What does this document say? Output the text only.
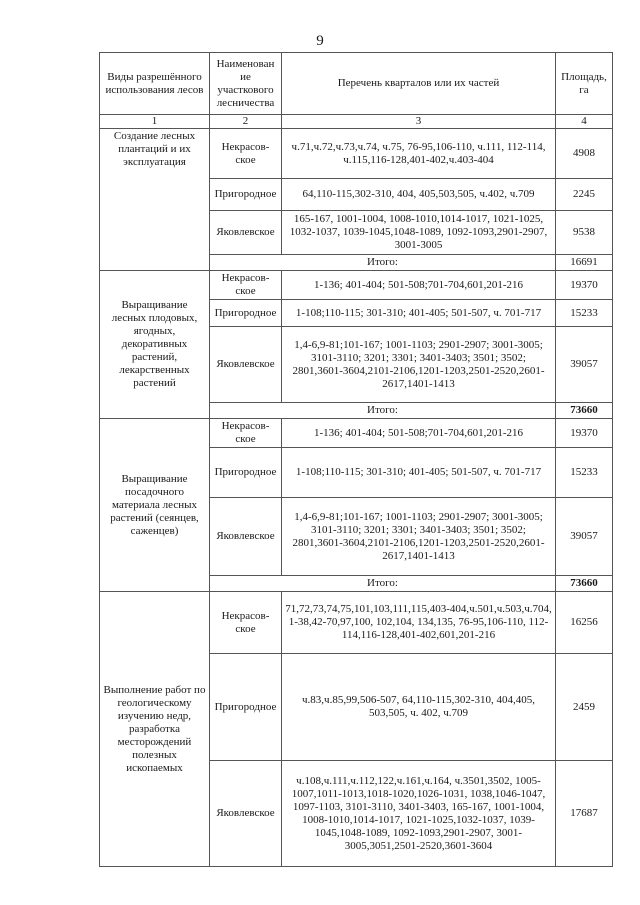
9
Виды разрешённого использования лесов	Наименован ие участкового лесничества	Перечень кварталов или их частей	Площадь, га
1	2	3	4
Создание лесных плантаций и их эксплуатация	Некрасов-ское	ч.71,ч.72,ч.73,ч.74, ч.75, 76-95,106-110, ч.111, 112-114, ч.115,116-128,401-402,ч.403-404	4908
	Пригородное	64,110-115,302-310, 404, 405,503,505, ч.402, ч.709	2245
	Яковлевское	165-167, 1001-1004, 1008-1010,1014-1017, 1021-1025, 1032-1037, 1039-1045,1048-1089, 1092-1093,2901-2907, 3001-3005	9538
	Итого:		16691
Выращивание лесных плодовых, ягодных, декоративных растений, лекарственных растений	Некрасов-ское	1-136; 401-404; 501-508;701-704,601,201-216	19370
	Пригородное	1-108;110-115; 301-310; 401-405; 501-507, ч. 701-717	15233
	Яковлевское	1,4-6,9-81;101-167; 1001-1103; 2901-2907; 3001-3005; 3101-3110; 3201; 3301; 3401-3403; 3501; 3502; 2801,3601-3604,2101-2106,1201-1203,2501-2520,2601-2617,1401-1413	39057
	Итого:		73660
Выращивание посадочного материала лесных растений (сеянцев, саженцев)	Некрасов-ское	1-136; 401-404; 501-508;701-704,601,201-216	19370
	Пригородное	1-108;110-115; 301-310; 401-405; 501-507, ч. 701-717	15233
	Яковлевское	1,4-6,9-81;101-167; 1001-1103; 2901-2907; 3001-3005; 3101-3110; 3201; 3301; 3401-3403; 3501; 3502; 2801,3601-3604,2101-2106,1201-1203,2501-2520,2601-2617,1401-1413	39057
	Итого:		73660
Выполнение работ по геологическому изучению недр, разработка месторождений полезных ископаемых	Некрасов-ское	71,72,73,74,75,101,103,111,115,403-404,ч.501,ч.503,ч.704, 1-38,42-70,97,100, 102,104, 134,135, 76-95,106-110, 112-114,116-128,401-402,601,201-216	16256
	Пригородное	ч.83,ч.85,99,506-507, 64,110-115,302-310, 404,405, 503,505, ч. 402, ч.709	2459
	Яковлевское	ч.108,ч.111,ч.112,122,ч.161,ч.164, ч.3501,3502, 1005-1007,1011-1013,1018-1020,1026-1031, 1038,1046-1047, 1097-1103, 3101-3110, 3401-3403, 165-167, 1001-1004, 1008-1010,1014-1017, 1021-1025,1032-1037, 1039-1045,1048-1089, 1092-1093,2901-2907, 3001-3005,3051,2501-2520,3601-3604	17687
